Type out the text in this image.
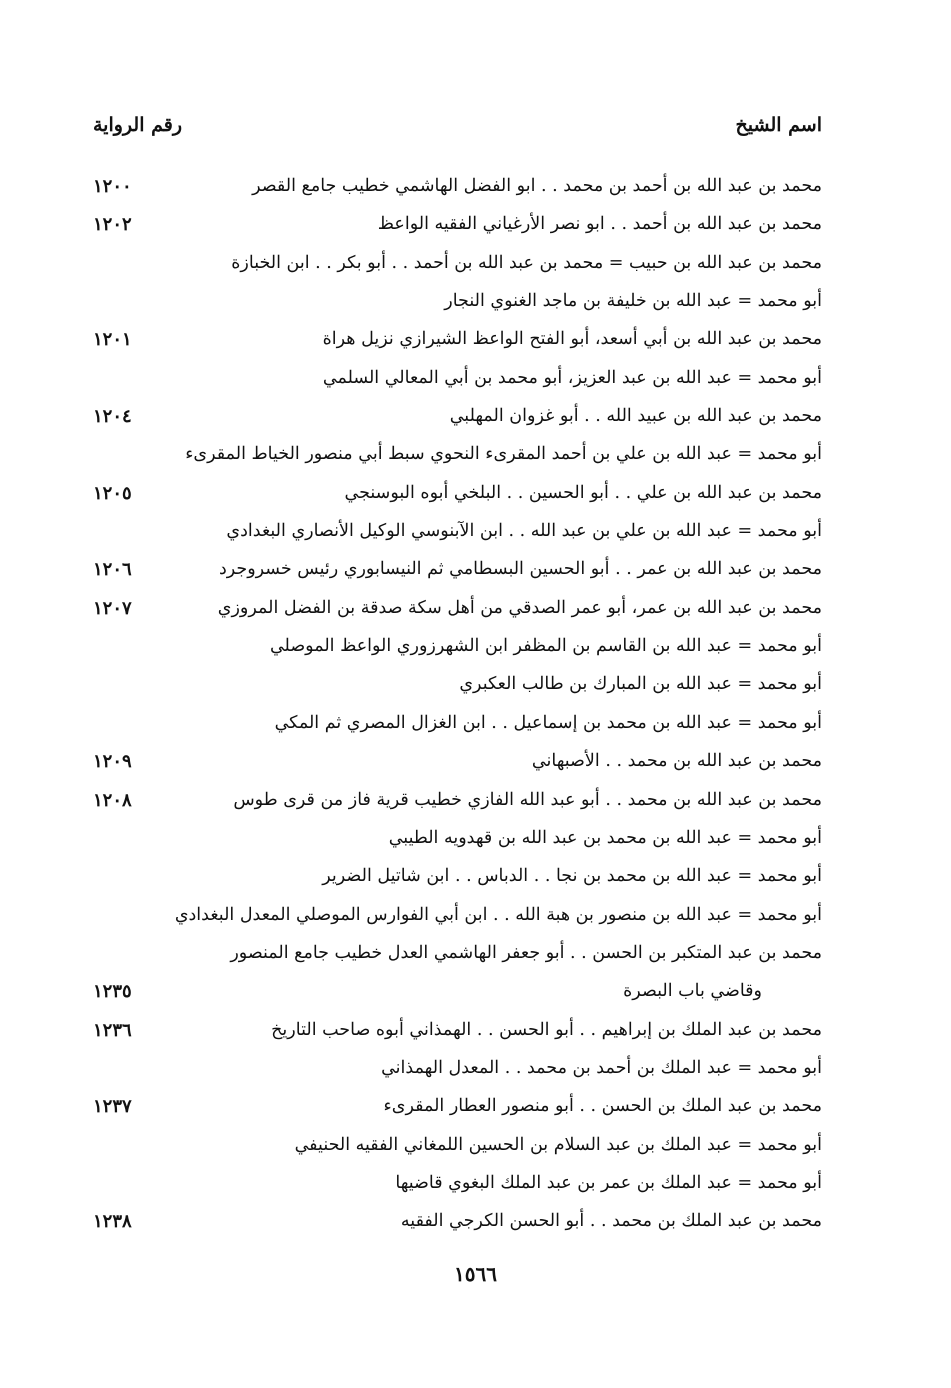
اسم الشيخ
رقم الرواية
محمد بن عبد الله بن أحمد بن محمد . . ابو الفضل الهاشمي خطيب جامع القصر
١٢٠٠
محمد بن عبد الله بن أحمد . . ابو نصر الأرغياني الفقيه الواعظ
١٢٠٢
محمد بن عبد الله بن حبيب = محمد بن عبد الله بن أحمد . . أبو بكر . . ابن الخبازة
أبو محمد = عبد الله بن خليفة بن ماجد الغنوي النجار
محمد بن عبد الله بن أبي أسعد، أبو الفتح الواعظ الشيرازي نزيل هراة
١٢٠١
أبو محمد = عبد الله بن عبد العزيز، أبو محمد بن أبي المعالي السلمي
محمد بن عبد الله بن عبيد الله . . أبو غزوان المهلبي
١٢٠٤
أبو محمد = عبد الله بن علي بن أحمد المقرىء النحوي سبط أبي منصور الخياط المقرىء
محمد بن عبد الله بن علي . . أبو الحسين . . البلخي أبوه البوسنجي
١٢٠٥
أبو محمد = عبد الله بن علي بن عبد الله . . ابن الآبنوسي الوكيل الأنصاري البغدادي
محمد بن عبد الله بن عمر . . أبو الحسين البسطامي ثم النيسابوري رئيس خسروجرد
١٢٠٦
محمد بن عبد الله بن عمر، أبو عمر الصدقي من أهل سكة صدقة بن الفضل المروزي
١٢٠٧
أبو محمد = عبد الله بن القاسم بن المظفر ابن الشهرزوري الواعظ الموصلي
أبو محمد = عبد الله بن المبارك بن طالب العكبري
أبو محمد = عبد الله بن محمد بن إسماعيل . . ابن الغزال المصري ثم المكي
محمد بن عبد الله بن محمد . . الأصبهاني
١٢٠٩
محمد بن عبد الله بن محمد . . أبو عبد الله الفازي خطيب قرية فاز من قرى طوس
١٢٠٨
أبو محمد = عبد الله بن محمد بن عبد الله بن قهدويه الطيبي
أبو محمد = عبد الله بن محمد بن نجا . . الدباس . . ابن شاتيل الضرير
أبو محمد = عبد الله بن منصور بن هبة الله . . ابن أبي الفوارس الموصلي المعدل البغدادي
محمد بن عبد المتكبر بن الحسن . . أبو جعفر الهاشمي العدل خطيب جامع المنصور
وقاضي باب البصرة
١٢٣٥
محمد بن عبد الملك بن إبراهيم . . أبو الحسن . . الهمذاني أبوه صاحب التاريخ
١٢٣٦
أبو محمد = عبد الملك بن أحمد بن محمد . . المعدل الهمذاني
محمد بن عبد الملك بن الحسن . . أبو منصور العطار المقرىء
١٢٣٧
أبو محمد = عبد الملك بن عبد السلام بن الحسين اللمغاني الفقيه الحنيفي
أبو محمد = عبد الملك بن عمر بن عبد الملك البغوي قاضيها
محمد بن عبد الملك بن محمد . . أبو الحسن الكرجي الفقيه
١٢٣٨
١٥٦٦
